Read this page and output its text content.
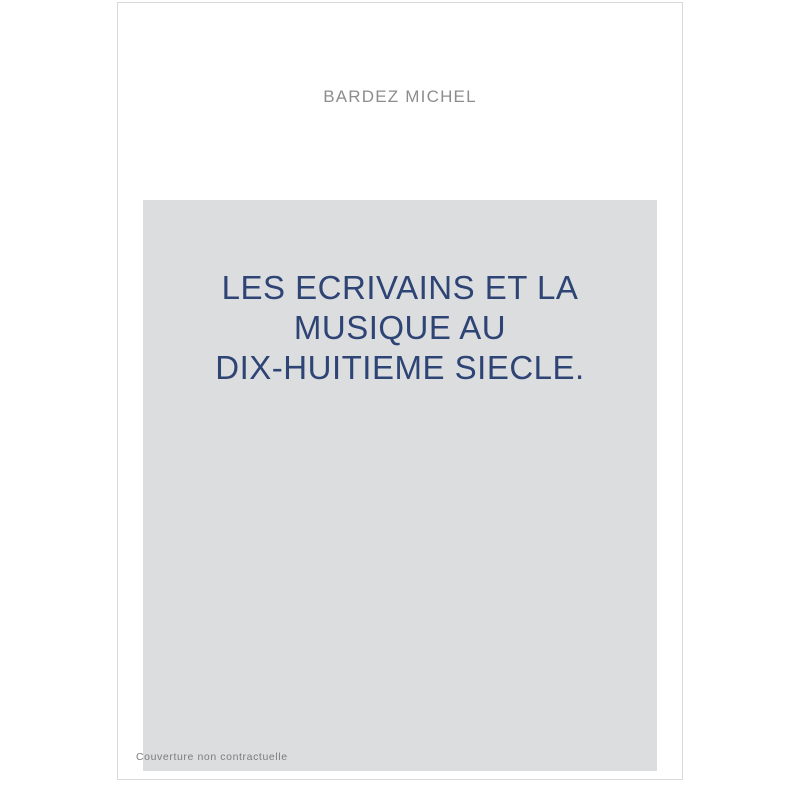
BARDEZ MICHEL
LES ECRIVAINS ET LA
MUSIQUE AU
DIX-HUITIEME SIECLE.
Couverture non contractuelle
